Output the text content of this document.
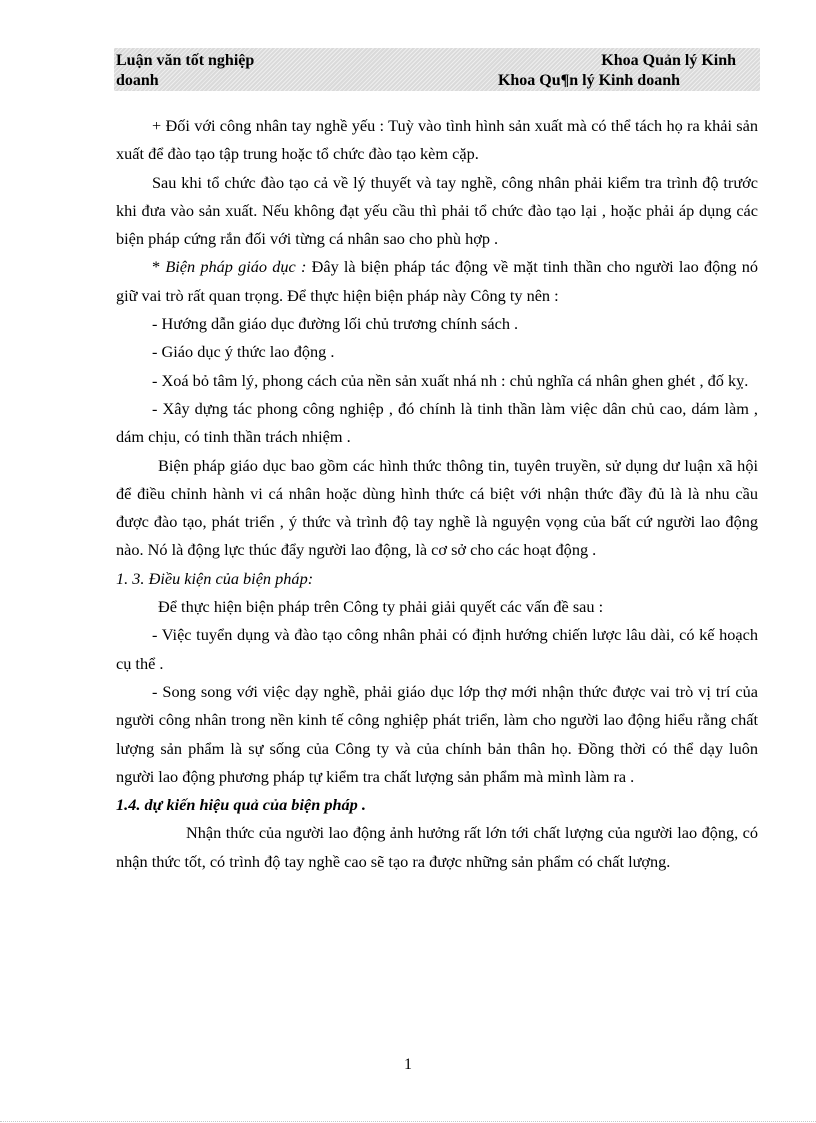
Luận văn tốt nghiệp
doanh
Khoa Quản lý Kinh
Khoa Qu¶n lý Kinh doanh

+ Đối với công nhân tay nghề yếu : Tuỳ vào tình hình sản xuất mà có thể tách họ ra khải sản xuất để đào tạo tập trung hoặc tổ chức đào tạo kèm cặp.

Sau khi tổ chức đào tạo cả về lý thuyết và tay nghề, công nhân phải kiểm tra trình độ trước khi đưa vào sản xuất. Nếu không đạt yếu cầu thì phải tổ chức đào tạo lại , hoặc phải áp dụng các biện pháp cứng rắn đối với từng cá nhân sao cho phù hợp .

* Biện pháp giáo dục : Đây là biện pháp tác động về mặt tinh thần cho người lao động nó giữ vai trò rất quan trọng. Để thực hiện biện pháp này Công ty nên :

- Hướng dẫn giáo dục đường lối chủ trương chính sách .

- Giáo dục ý thức lao động .

- Xoá bỏ tâm lý, phong cách của nền sản xuất nhá nh : chủ nghĩa cá nhân ghen ghét , đố kỵ.

- Xây dựng tác phong công nghiệp , đó chính là tinh thần làm việc dân chủ cao, dám làm , dám chịu, có tinh thần trách nhiệm .

Biện pháp giáo dục bao gồm các hình thức thông tin, tuyên truyền, sử dụng dư luận xã hội để điều chỉnh hành vi cá nhân hoặc dùng hình thức cá biệt với nhận thức đầy đủ là là nhu cầu được đào tạo, phát triển , ý thức và trình độ tay nghề là nguyện vọng của bất cứ người lao động nào. Nó là động lực thúc đẩy người lao động, là cơ sở cho các hoạt động .

1. 3. Điều kiện của biện pháp:

Để thực hiện biện pháp trên Công ty phải giải quyết các vấn đề sau :

- Việc tuyển dụng và đào tạo công nhân phải có định hướng chiến lược lâu dài, có kế hoạch cụ thể .

- Song song với việc dạy nghề, phải giáo dục lớp thợ mới nhận thức được vai trò vị trí của người công nhân trong nền kinh tế công nghiệp phát triển, làm cho người lao động hiểu rằng chất lượng sản phẩm là sự sống của Công ty và của chính bản thân họ. Đồng thời có thể dạy luôn người lao động phương pháp tự kiểm tra chất lượng sản phẩm mà mình làm ra .

1.4. dự kiến hiệu quả của biện pháp .

Nhận thức của người lao động ảnh hưởng rất lớn tới chất lượng của người lao động, có nhận thức tốt, có trình độ tay nghề cao sẽ tạo ra được những sản phẩm có chất lượng.

1
